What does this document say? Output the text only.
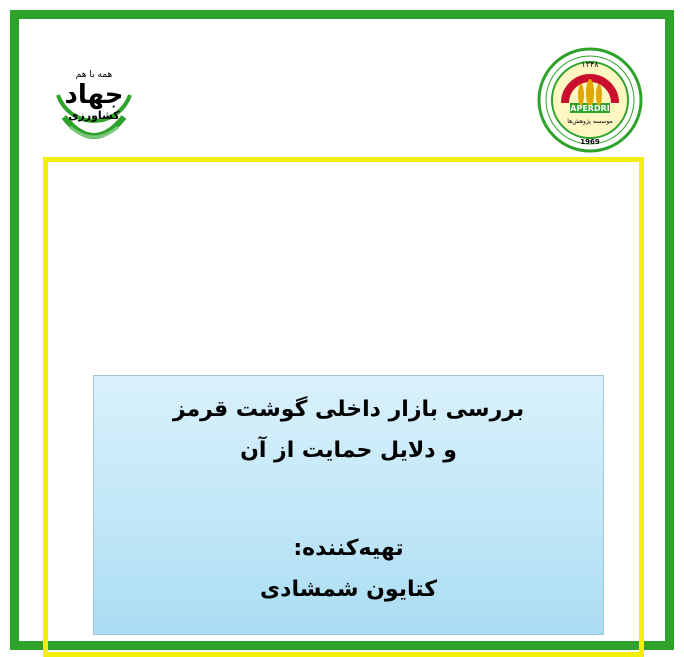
همه با هم
جهاد
کشاورزی
۱۳۴۸
APERDRI
موسسه پژوهش‌ها
1969
بررسی بازار داخلی گوشت قرمز
و دلایل حمایت از آن
تهیه‌کننده:
کتایون شمشادی
